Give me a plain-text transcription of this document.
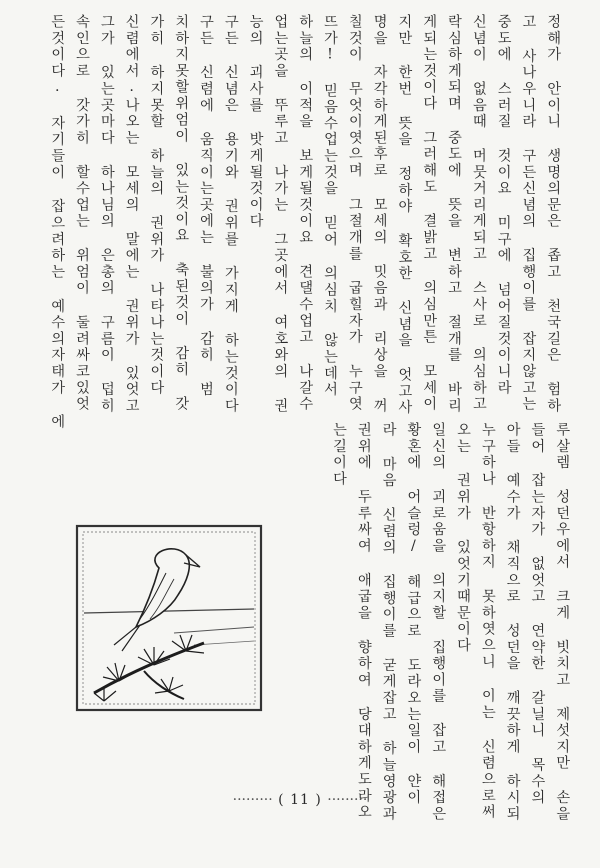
정해가 안이니 생명의문은 좁고 천국길은 험하
고 사나우니라 구든신념의 집행이를 잡지않고는
중도에 스러질 것이요 미구에 넘어질것이니라
신념이 없음때 머뭇거리게되고 스사로 의심하고
락심하게되며 중도에 뜻을 변하고 절개를 바리
게되는것이다 그러해도 결밝고 의심만튼 모세이
지만 한번 뜻을 정하야 확호한 신념을 엇고사
명을 자각하게된후로 모세의 밋음과 리상을 꺼
칠것이 무엇이엿으며 그절개를 굽힐자가 누구엿
뜨가! 믿음수업는것을 믿어 의심치 않는데서
하늘의 이적을 보게될것이요 견댈수업고 나갈수
업는곳을 뚜루고 나가는 그곳에서 여호와의 권
능의 괴사를 밧게될것이다
구든 신념은 용기와 권위를 가지게 하는것이다
구든 신렴에 움직이는곳에는 불의가 감히 범
치하지못할위엄이 있는것이요 축된것이 감히 갓
가히 하지못할 하늘의 권위가 나타나는것이다
신렴에서.나오는 모세의 말에는 권위가 있엇고
그가 있는곳마다 하나님의 은총의 구름이 덥히
속인으로 갓가히 할수업는 위엄이 둘려싸코있엇
든것이다. 자기들이 잡으려하는 예수의자태가 에
루살렘 성던우에서 크게 빗치고 제섯지만 손을
들어 잡는자가 없엇고 연약한 갈닐니 목수의
아들 예수가 채직으로 성던을 깨끗하게 하시되
누구하나 반항하지 못하엿으니 이는 신렴으로써
오는 권위가 있엇기때문이다
일신의 괴로움을 의지할 집행이를 잡고 해접은
황혼에 어슬렁/ 해급으로 도라오는일이 얀이
라 마음 신렴의 집행이를 굳게잡고 하늘영광과
권위에 두루싸여 애굽을 향하여 당대하게도라오
는길이다
········· ( 11 ) ·········
